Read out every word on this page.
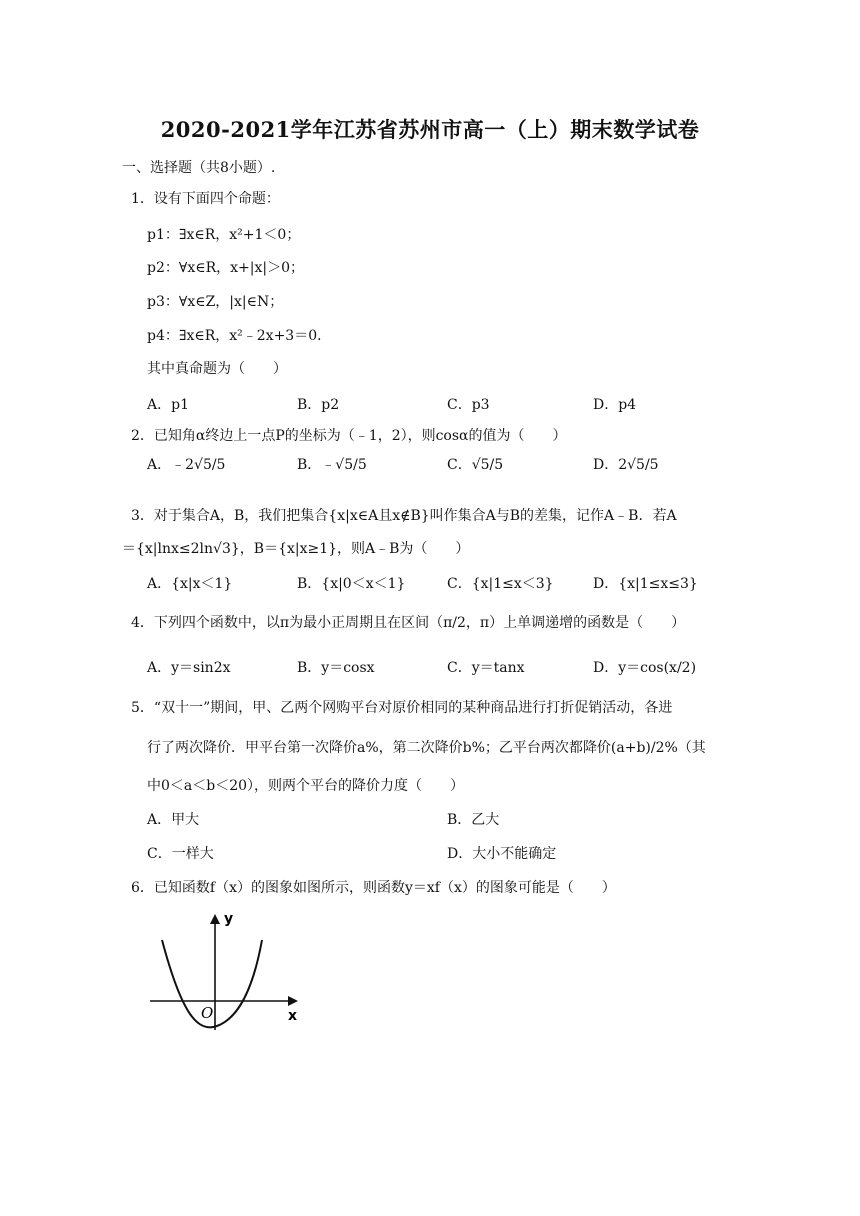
2020-2021学年江苏省苏州市高一（上）期末数学试卷
一、选择题（共8小题）.
1．设有下面四个命题：
p1：∃x∈R，x²+1＜0；
p2：∀x∈R，x+|x|＞0；
p3：∀x∈Z，|x|∈N；
p4：∃x∈R，x²﹣2x+3＝0．
其中真命题为（　　）
A．p1	B．p2	C．p3	D．p4
2．已知角α终边上一点P的坐标为（﹣1，2），则cosα的值为（　　）
A．﹣2√5/5	B．﹣√5/5	C．√5/5	D．2√5/5
3．对于集合A，B，我们把集合{x|x∈A且x∉B}叫作集合A与B的差集，记作A﹣B．若A
＝{x|lnx≤2ln√3}，B＝{x|x≥1}，则A﹣B为（　　）
A．{x|x＜1}	B．{x|0＜x＜1}	C．{x|1≤x＜3}	D．{x|1≤x≤3}
4．下列四个函数中，以π为最小正周期且在区间（π/2，π）上单调递增的函数是（　　）
A．y＝sin2x	B．y＝cosx	C．y＝tanx	D．y＝cos(x/2)
5．“双十一”期间，甲、乙两个网购平台对原价相同的某种商品进行打折促销活动，各进
行了两次降价．甲平台第一次降价a%，第二次降价b%；乙平台两次都降价(a+b)/2%（其
中0＜a＜b＜20），则两个平台的降价力度（　　）
A．甲大	B．乙大
C．一样大	D．大小不能确定
6．已知函数f（x）的图象如图所示，则函数y＝xf（x）的图象可能是（　　）
y
x
O
